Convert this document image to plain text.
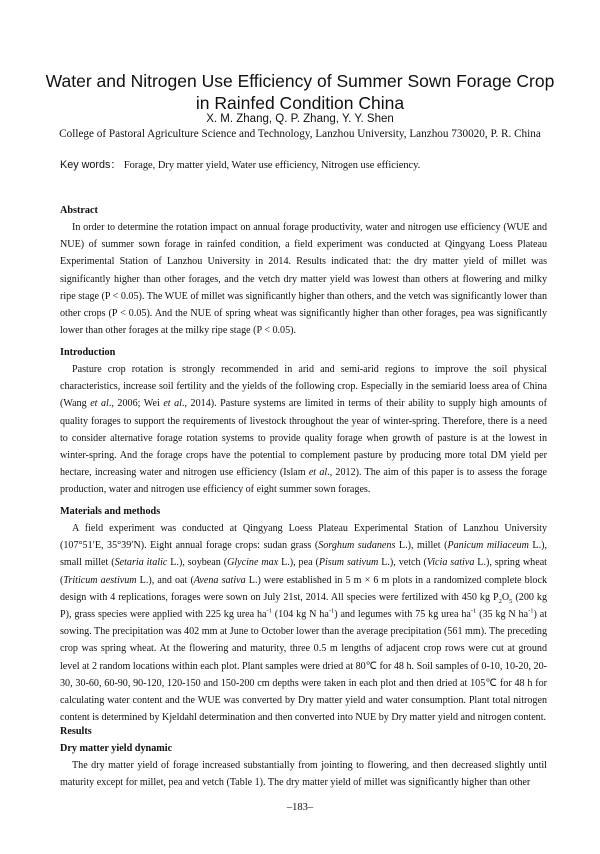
Water and Nitrogen Use Efficiency of Summer Sown Forage Crop in Rainfed Condition China
X. M. Zhang, Q. P. Zhang, Y. Y. Shen
College of Pastoral Agriculture Science and Technology, Lanzhou University, Lanzhou 730020, P. R. China
Key words： Forage, Dry matter yield, Water use efficiency, Nitrogen use efficiency.

Abstract

In order to determine the rotation impact on annual forage productivity, water and nitrogen use efficiency (WUE and NUE) of summer sown forage in rainfed condition, a field experiment was conducted at Qingyang Loess Plateau Experimental Station of Lanzhou University in 2014. Results indicated that: the dry matter yield of millet was significantly higher than other forages, and the vetch dry matter yield was lowest than others at flowering and milky ripe stage (P < 0.05). The WUE of millet was significantly higher than others, and the vetch was significantly lower than other crops (P < 0.05). And the NUE of spring wheat was significantly higher than other forages, pea was significantly lower than other forages at the milky ripe stage (P < 0.05).

Introduction

Pasture crop rotation is strongly recommended in arid and semi-arid regions to improve the soil physical characteristics, increase soil fertility and the yields of the following crop. Especially in the semiarid loess area of China (Wang et al., 2006; Wei et al., 2014). Pasture systems are limited in terms of their ability to supply high amounts of quality forages to support the requirements of livestock throughout the year of winter-spring. Therefore, there is a need to consider alternative forage rotation systems to provide quality forage when growth of pasture is at the lowest in winter-spring. And the forage crops have the potential to complement pasture by producing more total DM yield per hectare, increasing water and nitrogen use efficiency (Islam et al., 2012). The aim of this paper is to assess the forage production, water and nitrogen use efficiency of eight summer sown forages.

Materials and methods

A field experiment was conducted at Qingyang Loess Plateau Experimental Station of Lanzhou University (107°51′E, 35°39′N). Eight annual forage crops: sudan grass (Sorghum sudanens L.), millet (Panicum miliaceum L.), small millet (Setaria italic L.), soybean (Glycine max L.), pea (Pisum sativum L.), vetch (Vicia sativa L.), spring wheat (Triticum aestivum L.), and oat (Avena sativa L.) were established in 5 m × 6 m plots in a randomized complete block design with 4 replications, forages were sown on July 21st, 2014. All species were fertilized with 450 kg $P_2O_5$ (200 kg P), grass species were applied with 225 kg urea $ha^{-1}$ (104 kg N $ha^{-1}$) and legumes with 75 kg urea $ha^{-1}$ (35 kg N $ha^{-1}$) at sowing. The precipitation was 402 mm at June to October lower than the average precipitation (561 mm). The preceding crop was spring wheat. At the flowering and maturity, three 0.5 m lengths of adjacent crop rows were cut at ground level at 2 random locations within each plot. Plant samples were dried at 80℃ for 48 h. Soil samples of 0-10, 10-20, 20-30, 30-60, 60-90, 90-120, 120-150 and 150-200 cm depths were taken in each plot and then dried at 105℃ for 48 h for calculating water content and the WUE was converted by Dry matter yield and water consumption. Plant total nitrogen content is determined by Kjeldahl determination and then converted into NUE by Dry matter yield and nitrogen content.

Results

Dry matter yield dynamic

The dry matter yield of forage increased substantially from jointing to flowering, and then decreased slightly until maturity except for millet, pea and vetch (Table 1). The dry matter yield of millet was significantly higher than other

–183–
